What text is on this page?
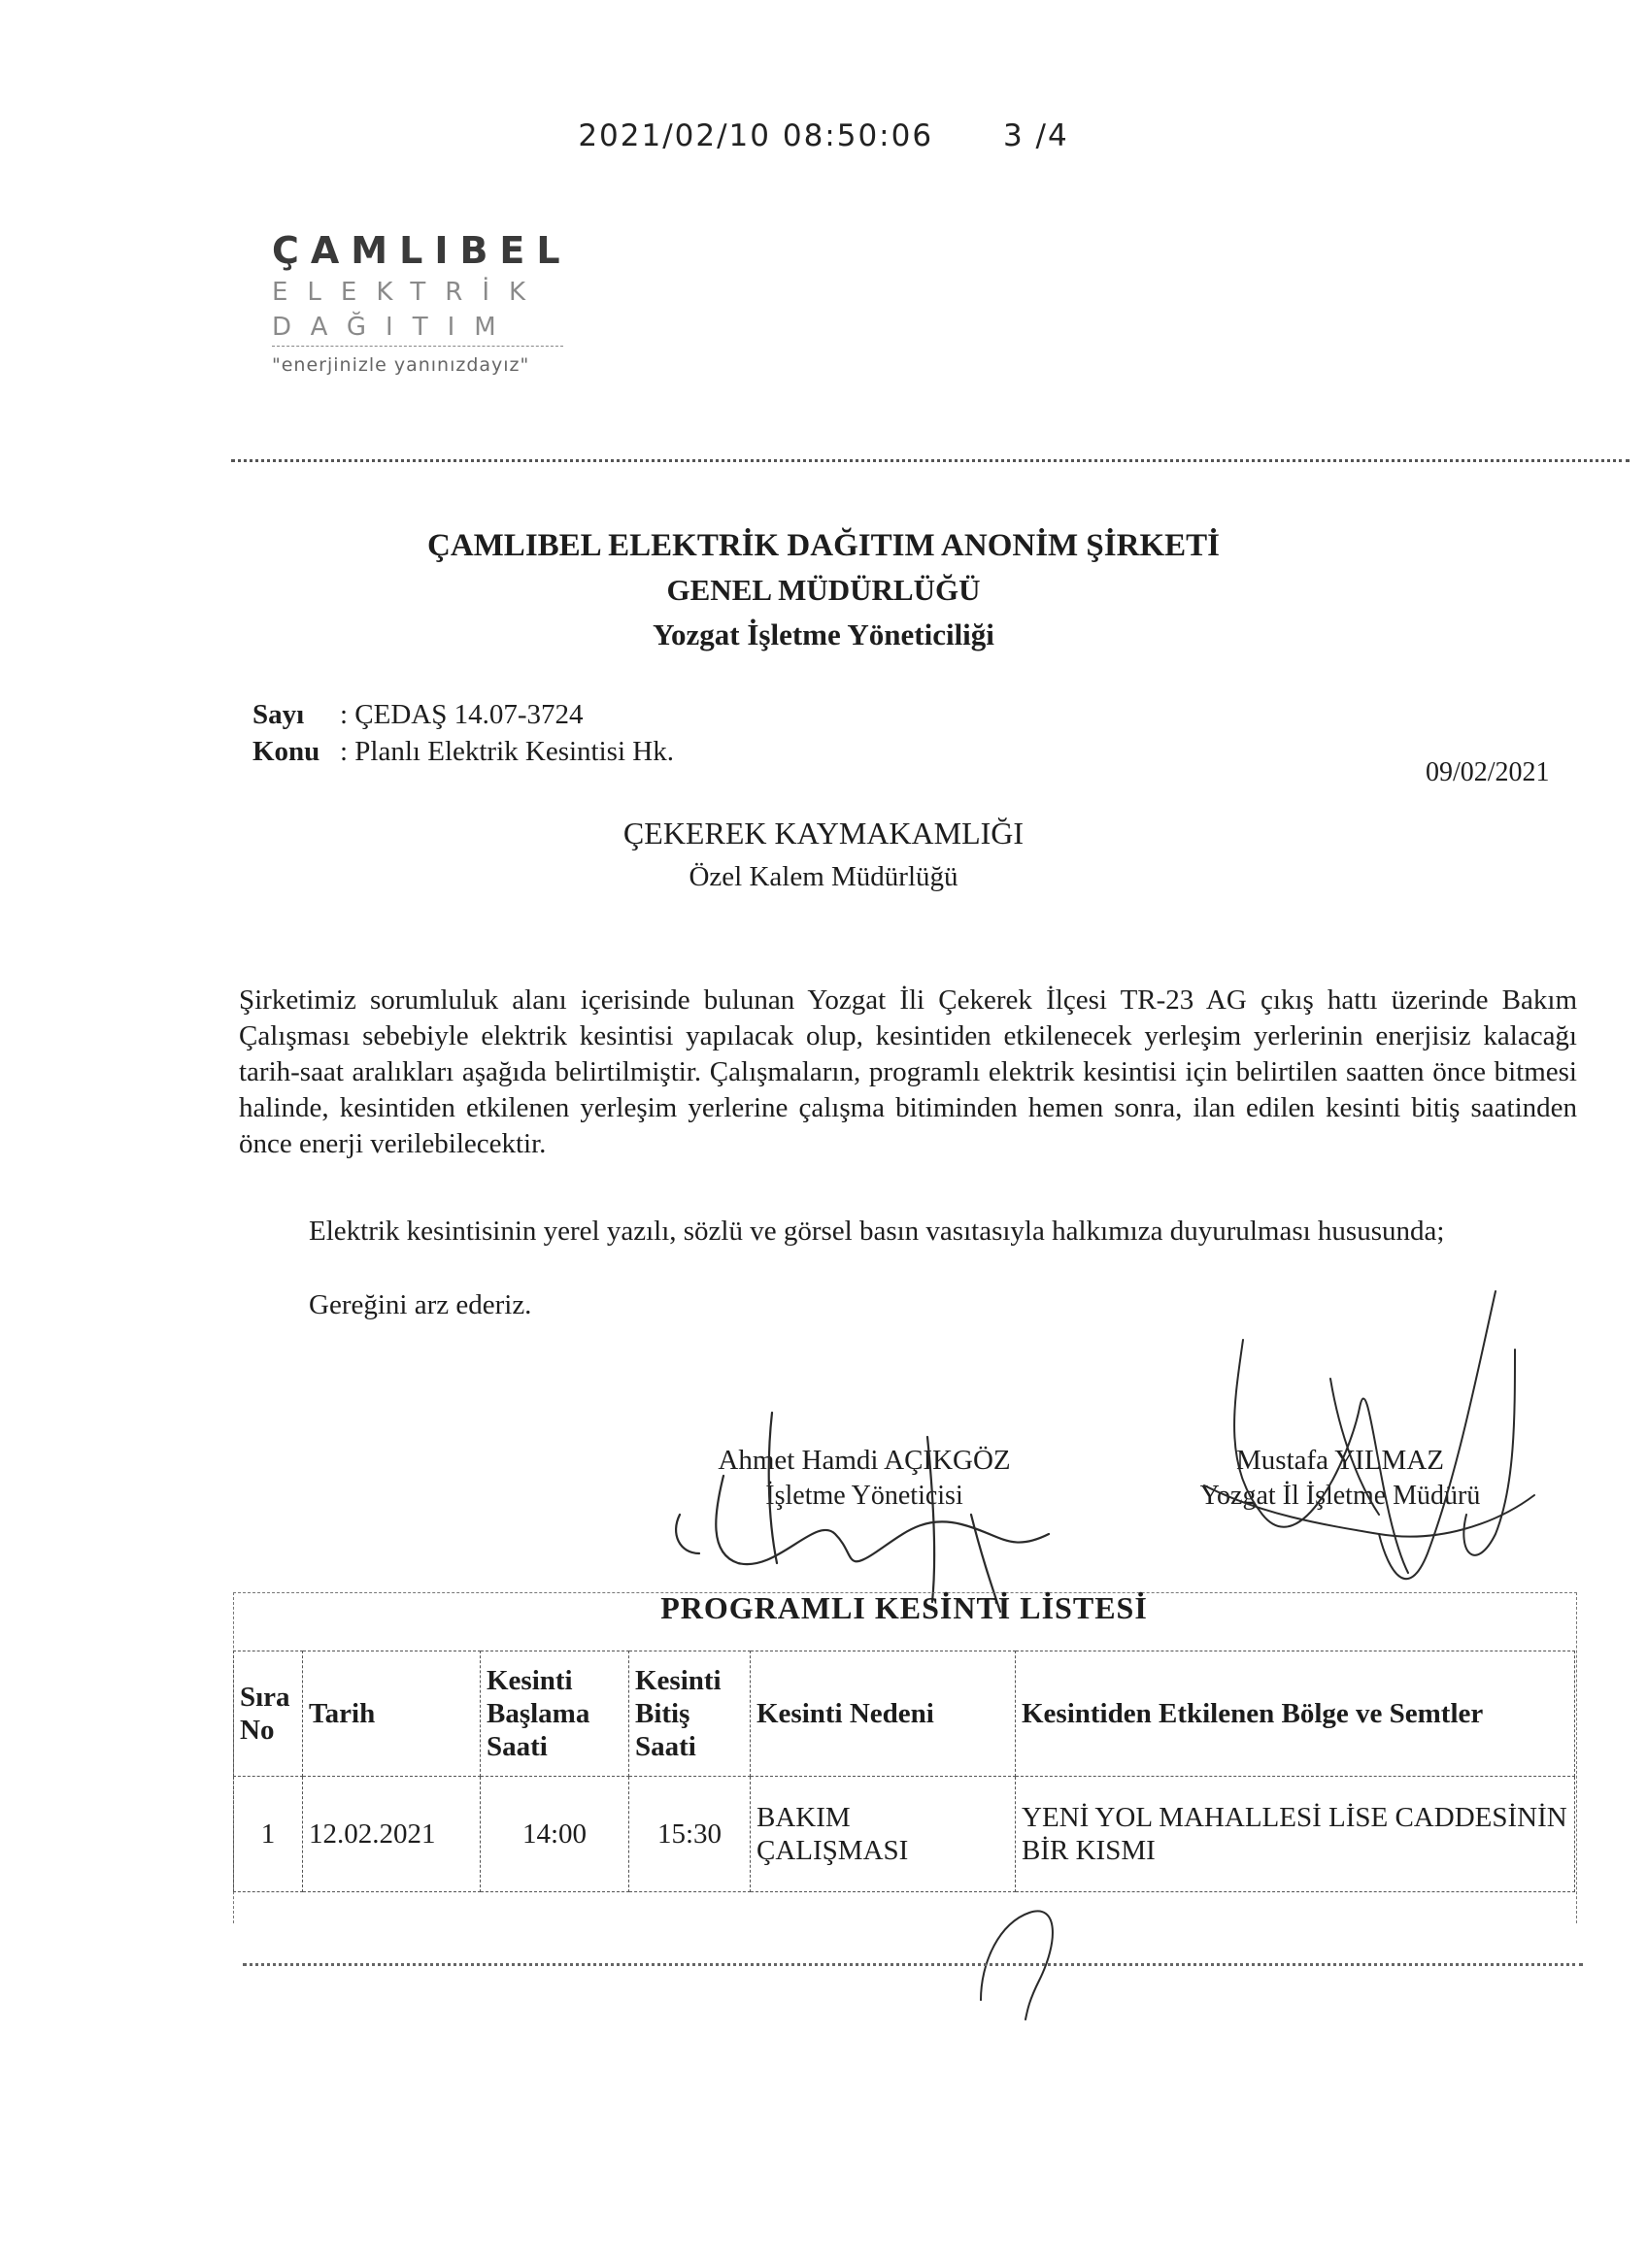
2021/02/10 08:50:06 3 /4
ÇAMLIBEL
ELEKTRİK
DAĞITIM
"enerjinizle yanınızdayız"
ÇAMLIBEL ELEKTRİK DAĞITIM ANONİM ŞİRKETİ
GENEL MÜDÜRLÜĞÜ
Yozgat İşletme Yöneticiliği
Sayı : ÇEDAŞ 14.07-3724
Konu : Planlı Elektrik Kesintisi Hk.
09/02/2021
ÇEKEREK KAYMAKAMLIĞI
Özel Kalem Müdürlüğü
Şirketimiz sorumluluk alanı içerisinde bulunan Yozgat İli Çekerek İlçesi TR-23 AG çıkış hattı üzerinde Bakım Çalışması sebebiyle elektrik kesintisi yapılacak olup, kesintiden etkilenecek yerleşim yerlerinin enerjisiz kalacağı tarih-saat aralıkları aşağıda belirtilmiştir. Çalışmaların, programlı elektrik kesintisi için belirtilen saatten önce bitmesi halinde, kesintiden etkilenen yerleşim yerlerine çalışma bitiminden hemen sonra, ilan edilen kesinti bitiş saatinden önce enerji verilebilecektir.
Elektrik kesintisinin yerel yazılı, sözlü ve görsel basın vasıtasıyla halkımıza duyurulması hususunda;
Gereğini arz ederiz.
Ahmet Hamdi AÇIKGÖZ
İşletme Yöneticisi
Mustafa YILMAZ
Yozgat İl İşletme Müdürü
PROGRAMLI KESİNTİ LİSTESİ
Sıra No	Tarih	Kesinti Başlama Saati	Kesinti Bitiş Saati	Kesinti Nedeni	Kesintiden Etkilenen Bölge ve Semtler
1	12.02.2021	14:00	15:30	BAKIM ÇALIŞMASI	YENİ YOL MAHALLESİ LİSE CADDESİNİN BİR KISMI
